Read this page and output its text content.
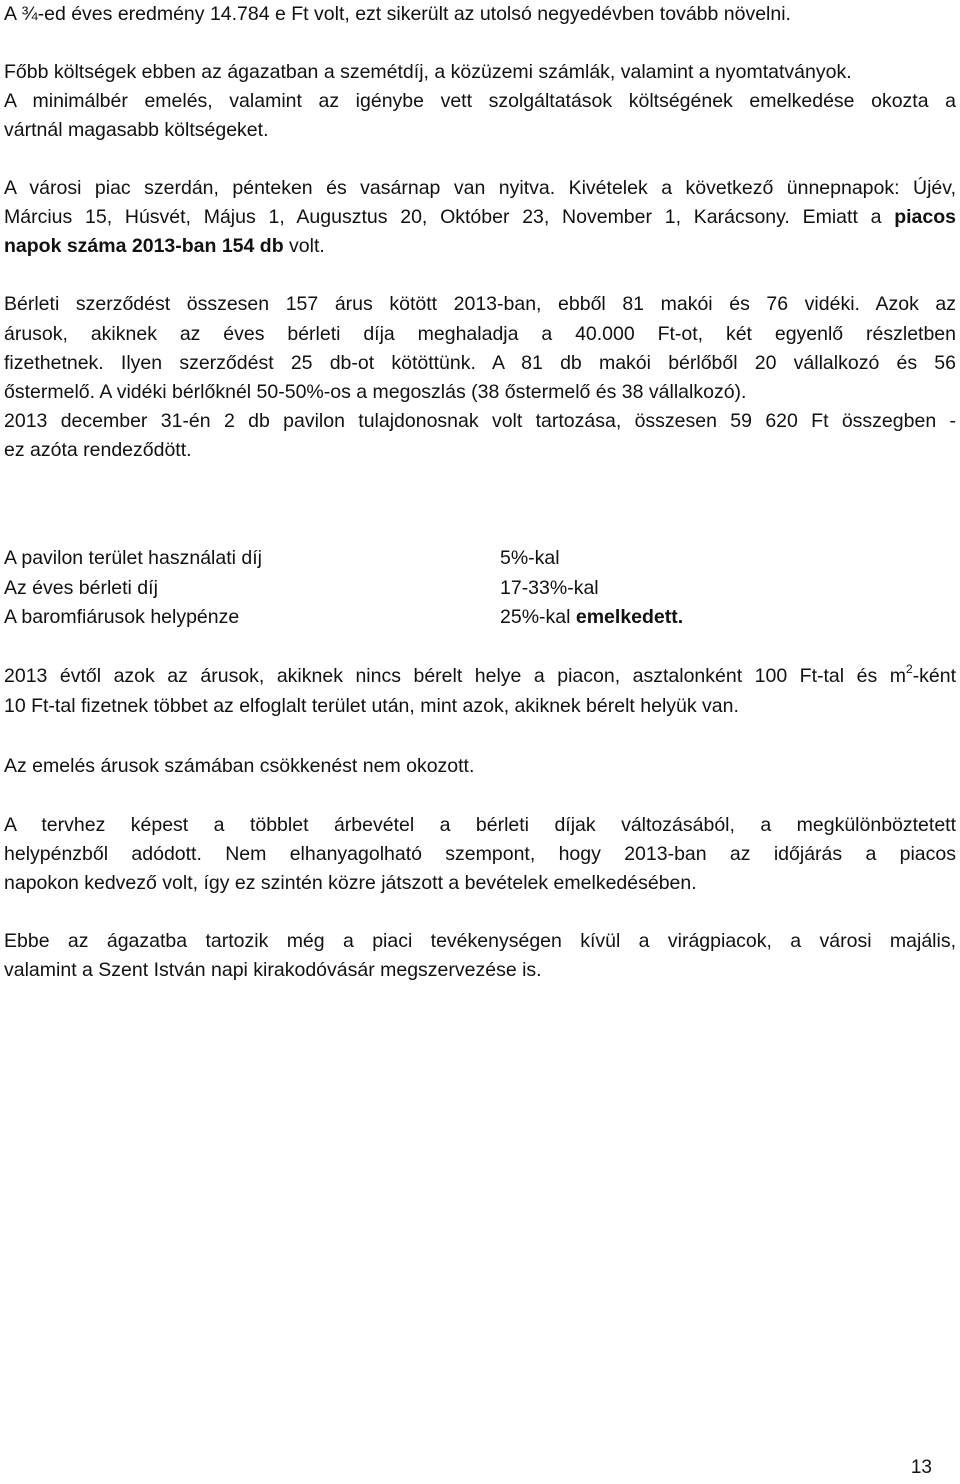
A ¾-ed éves eredmény 14.784 e Ft volt, ezt sikerült az utolsó negyedévben tovább növelni.
Főbb költségek ebben az ágazatban a szemétdíj, a közüzemi számlák, valamint a nyomtatványok.
A minimálbér emelés, valamint az igénybe vett szolgáltatások költségének emelkedése okozta a
vártnál magasabb költségeket.
A városi piac szerdán, pénteken és vasárnap van nyitva. Kivételek a következő ünnepnapok: Újév,
Március 15, Húsvét, Május 1, Augusztus 20, Október 23, November 1, Karácsony. Emiatt a piacos
napok száma 2013-ban 154 db volt.
Bérleti szerződést összesen 157 árus kötött 2013-ban, ebből 81 makói és 76 vidéki. Azok az
árusok, akiknek az éves bérleti díja meghaladja a 40.000 Ft-ot, két egyenlő részletben
fizethetnek. Ilyen szerződést 25 db-ot kötöttünk. A 81 db makói bérlőből 20 vállalkozó és 56
őstermelő. A vidéki bérlőknél 50-50%-os a megoszlás (38 őstermelő és 38 vállalkozó).
2013 december 31-én 2 db pavilon tulajdonosnak volt tartozása, összesen 59 620 Ft összegben -
ez azóta rendeződött.
A pavilon terület használati díj	5%-kal
Az éves bérleti díj	17-33%-kal
A baromfiárusok helypénze	25%-kal emelkedett.
2013 évtől azok az árusok, akiknek nincs bérelt helye a piacon, asztalonként 100 Ft-tal és $m^2$-ként
10 Ft-tal fizetnek többet az elfoglalt terület után, mint azok, akiknek bérelt helyük van.
Az emelés árusok számában csökkenést nem okozott.
A tervhez képest a többlet árbevétel a bérleti díjak változásából, a megkülönböztetett
helypénzből adódott. Nem elhanyagolható szempont, hogy 2013-ban az időjárás a piacos
napokon kedvező volt, így ez szintén közre játszott a bevételek emelkedésében.
Ebbe az ágazatba tartozik még a piaci tevékenységen kívül a virágpiacok, a városi majális,
valamint a Szent István napi kirakodóvásár megszervezése is.
13
